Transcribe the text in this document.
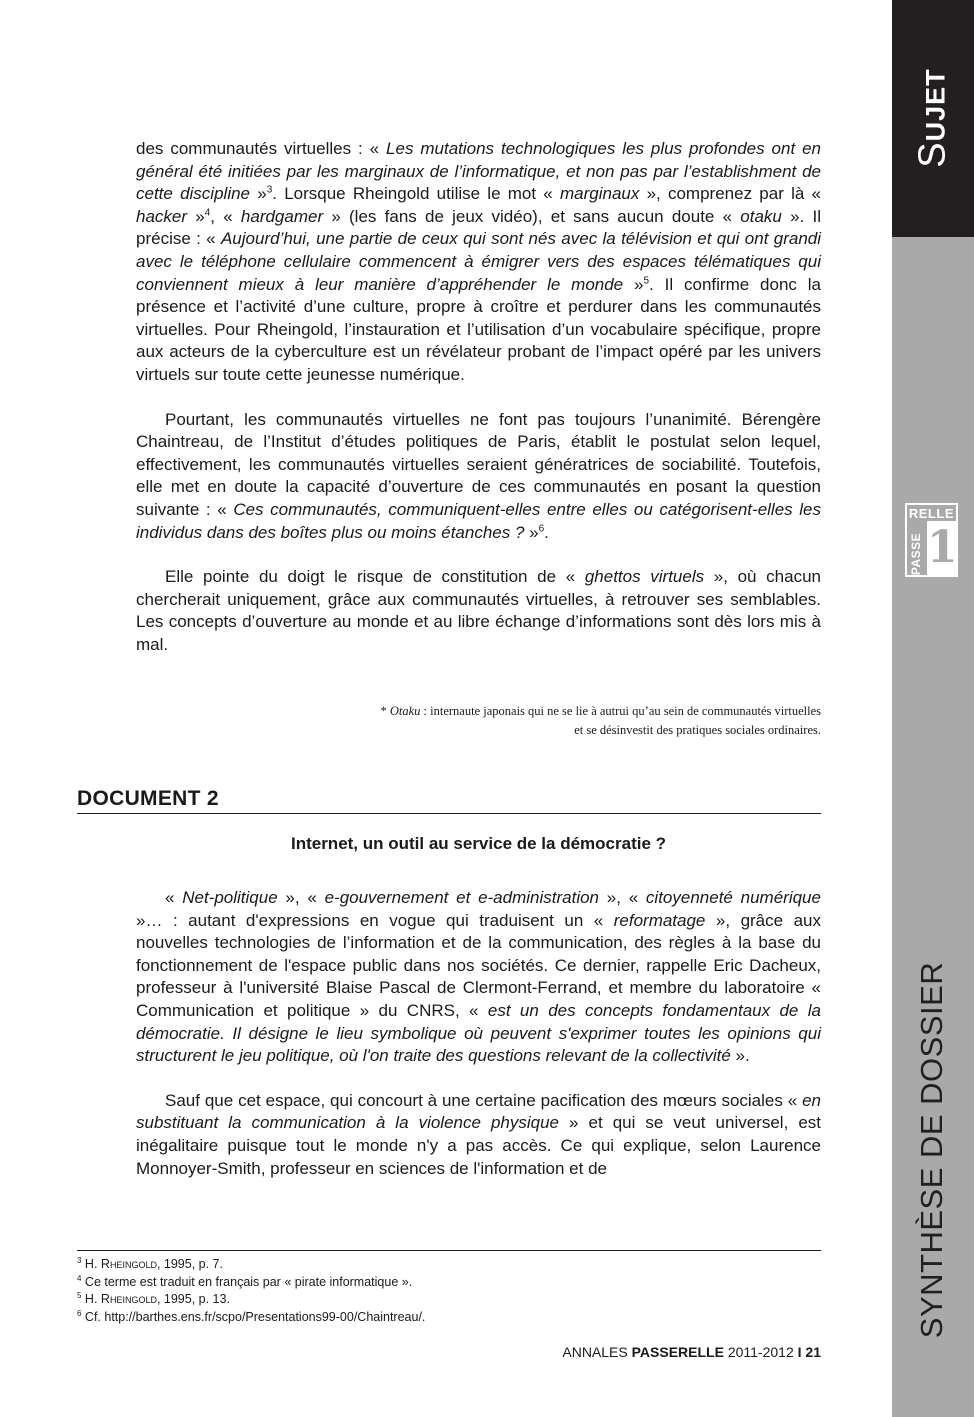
SUJET
RELLE
PASSE 1
SYNTHÈSE DE DOSSIER

des communautés virtuelles : « Les mutations technologiques les plus profondes ont en général été initiées par les marginaux de l’informatique, et non pas par l’establishment de cette discipline »$^3$. Lorsque Rheingold utilise le mot « marginaux », comprenez par là « hacker »$^4$, « hardgamer » (les fans de jeux vidéo), et sans aucun doute « otaku ». Il précise : « Aujourd’hui, une partie de ceux qui sont nés avec la télévision et qui ont grandi avec le téléphone cellulaire commencent à émigrer vers des espaces télématiques qui conviennent mieux à leur manière d’appréhender le monde »$^5$. Il confirme donc la présence et l’activité d’une culture, propre à croître et perdurer dans les communautés virtuelles. Pour Rheingold, l’instauration et l’utilisation d’un vocabulaire spécifique, propre aux acteurs de la cyberculture est un révélateur probant de l’impact opéré par les univers virtuels sur toute cette jeunesse numérique.

Pourtant, les communautés virtuelles ne font pas toujours l’unanimité. Bérengère Chaintreau, de l’Institut d’études politiques de Paris, établit le postulat selon lequel, effectivement, les communautés virtuelles seraient génératrices de sociabilité. Toutefois, elle met en doute la capacité d’ouverture de ces communautés en posant la question suivante : « Ces communautés, communiquent-elles entre elles ou catégorisent-elles les individus dans des boîtes plus ou moins étanches ? »$^6$.

Elle pointe du doigt le risque de constitution de « ghettos virtuels », où chacun chercherait uniquement, grâce aux communautés virtuelles, à retrouver ses semblables. Les concepts d’ouverture au monde et au libre échange d’informations sont dès lors mis à mal.

* Otaku : internaute japonais qui ne se lie à autrui qu’au sein de communautés virtuelles
et se désinvestit des pratiques sociales ordinaires.
DOCUMENT 2
Internet, un outil au service de la démocratie ?

« Net-politique », « e-gouvernement et e-administration », « citoyenneté numérique »… : autant d'expressions en vogue qui traduisent un « reformatage », grâce aux nouvelles technologies de l’information et de la communication, des règles à la base du fonctionnement de l'espace public dans nos sociétés. Ce dernier, rappelle Eric Dacheux, professeur à l'université Blaise Pascal de Clermont-Ferrand, et membre du laboratoire « Communication et politique » du CNRS, « est un des concepts fondamentaux de la démocratie. Il désigne le lieu symbolique où peuvent s'exprimer toutes les opinions qui structurent le jeu politique, où l'on traite des questions relevant de la collectivité ».

Sauf que cet espace, qui concourt à une certaine pacification des mœurs sociales « en substituant la communication à la violence physique » et qui se veut universel, est inégalitaire puisque tout le monde n'y a pas accès. Ce qui explique, selon Laurence Monnoyer-Smith, professeur en sciences de l'information et de

$^3$ H. Rheingold, 1995, p. 7.
$^4$ Ce terme est traduit en français par « pirate informatique ».
$^5$ H. Rheingold, 1995, p. 13.
$^6$ Cf. http://barthes.ens.fr/scpo/Presentations99-00/Chaintreau/.
ANNALES PASSERELLE 2011-2012 I 21
